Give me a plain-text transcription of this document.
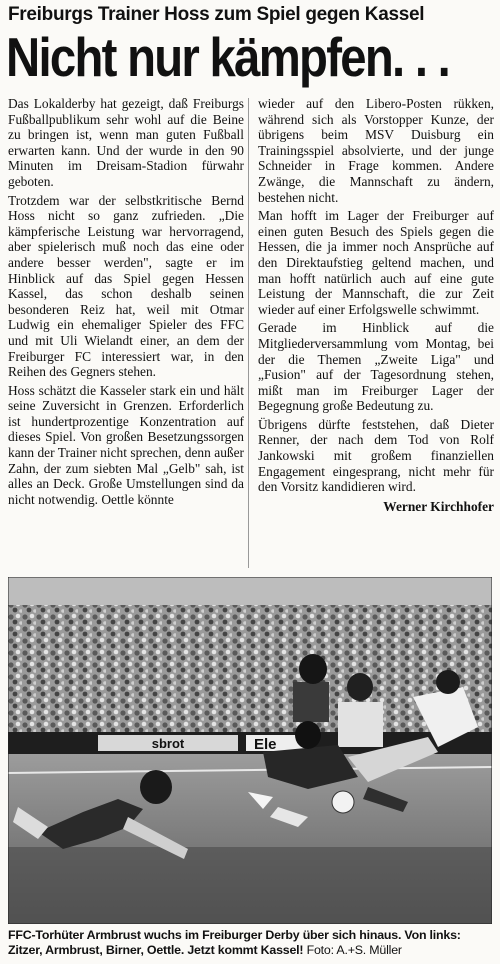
Freiburgs Trainer Hoss zum Spiel gegen Kassel
Nicht nur kämpfen. . .

Das Lokalderby hat gezeigt, daß Freiburgs Fußballpublikum sehr wohl auf die Beine zu bringen ist, wenn man guten Fußball erwarten kann. Und der wurde in den 90 Minuten im Dreisam-Stadion fürwahr geboten.

Trotzdem war der selbstkritische Bernd Hoss nicht so ganz zufrieden. „Die kämpferische Leistung war hervorragend, aber spielerisch muß noch das eine oder andere besser werden", sagte er im Hinblick auf das Spiel gegen Hessen Kassel, das schon deshalb seinen besonderen Reiz hat, weil mit Otmar Ludwig ein ehemaliger Spieler des FFC und mit Uli Wielandt einer, an dem der Freiburger FC interessiert war, in den Reihen des Gegners stehen.

Hoss schätzt die Kasseler stark ein und hält seine Zuversicht in Grenzen. Erforderlich ist hundertprozentige Konzentration auf dieses Spiel. Von großen Besetzungssorgen kann der Trainer nicht sprechen, denn außer Zahn, der zum siebten Mal „Gelb" sah, ist alles an Deck. Große Umstellungen sind da nicht notwendig. Oettle könnte

wieder auf den Libero-Posten rükken, während sich als Vorstopper Kunze, der übrigens beim MSV Duisburg ein Trainingsspiel absolvierte, und der junge Schneider in Frage kommen. Andere Zwänge, die Mannschaft zu ändern, bestehen nicht.

Man hofft im Lager der Freiburger auf einen guten Besuch des Spiels gegen die Hessen, die ja immer noch Ansprüche auf den Direktaufstieg geltend machen, und man hofft natürlich auch auf eine gute Leistung der Mannschaft, die zur Zeit wieder auf einer Erfolgswelle schwimmt.

Gerade im Hinblick auf die Mitgliederversammlung vom Montag, bei der die Themen „Zweite Liga" und „Fusion" auf der Tagesordnung stehen, mißt man im Freiburger Lager der Begegnung große Bedeutung zu.

Übrigens dürfte feststehen, daß Dieter Renner, der nach dem Tod von Rolf Jankowski mit großem finanziellen Engagement eingesprang, nicht mehr für den Vorsitz kandidieren wird.

Werner Kirchhofer
sbrot	Ele
FFC-Torhüter Armbrust wuchs im Freiburger Derby über sich hinaus. Von links: Zitzer, Armbrust, Birner, Oettle. Jetzt kommt Kassel! Foto: A.+S. Müller
